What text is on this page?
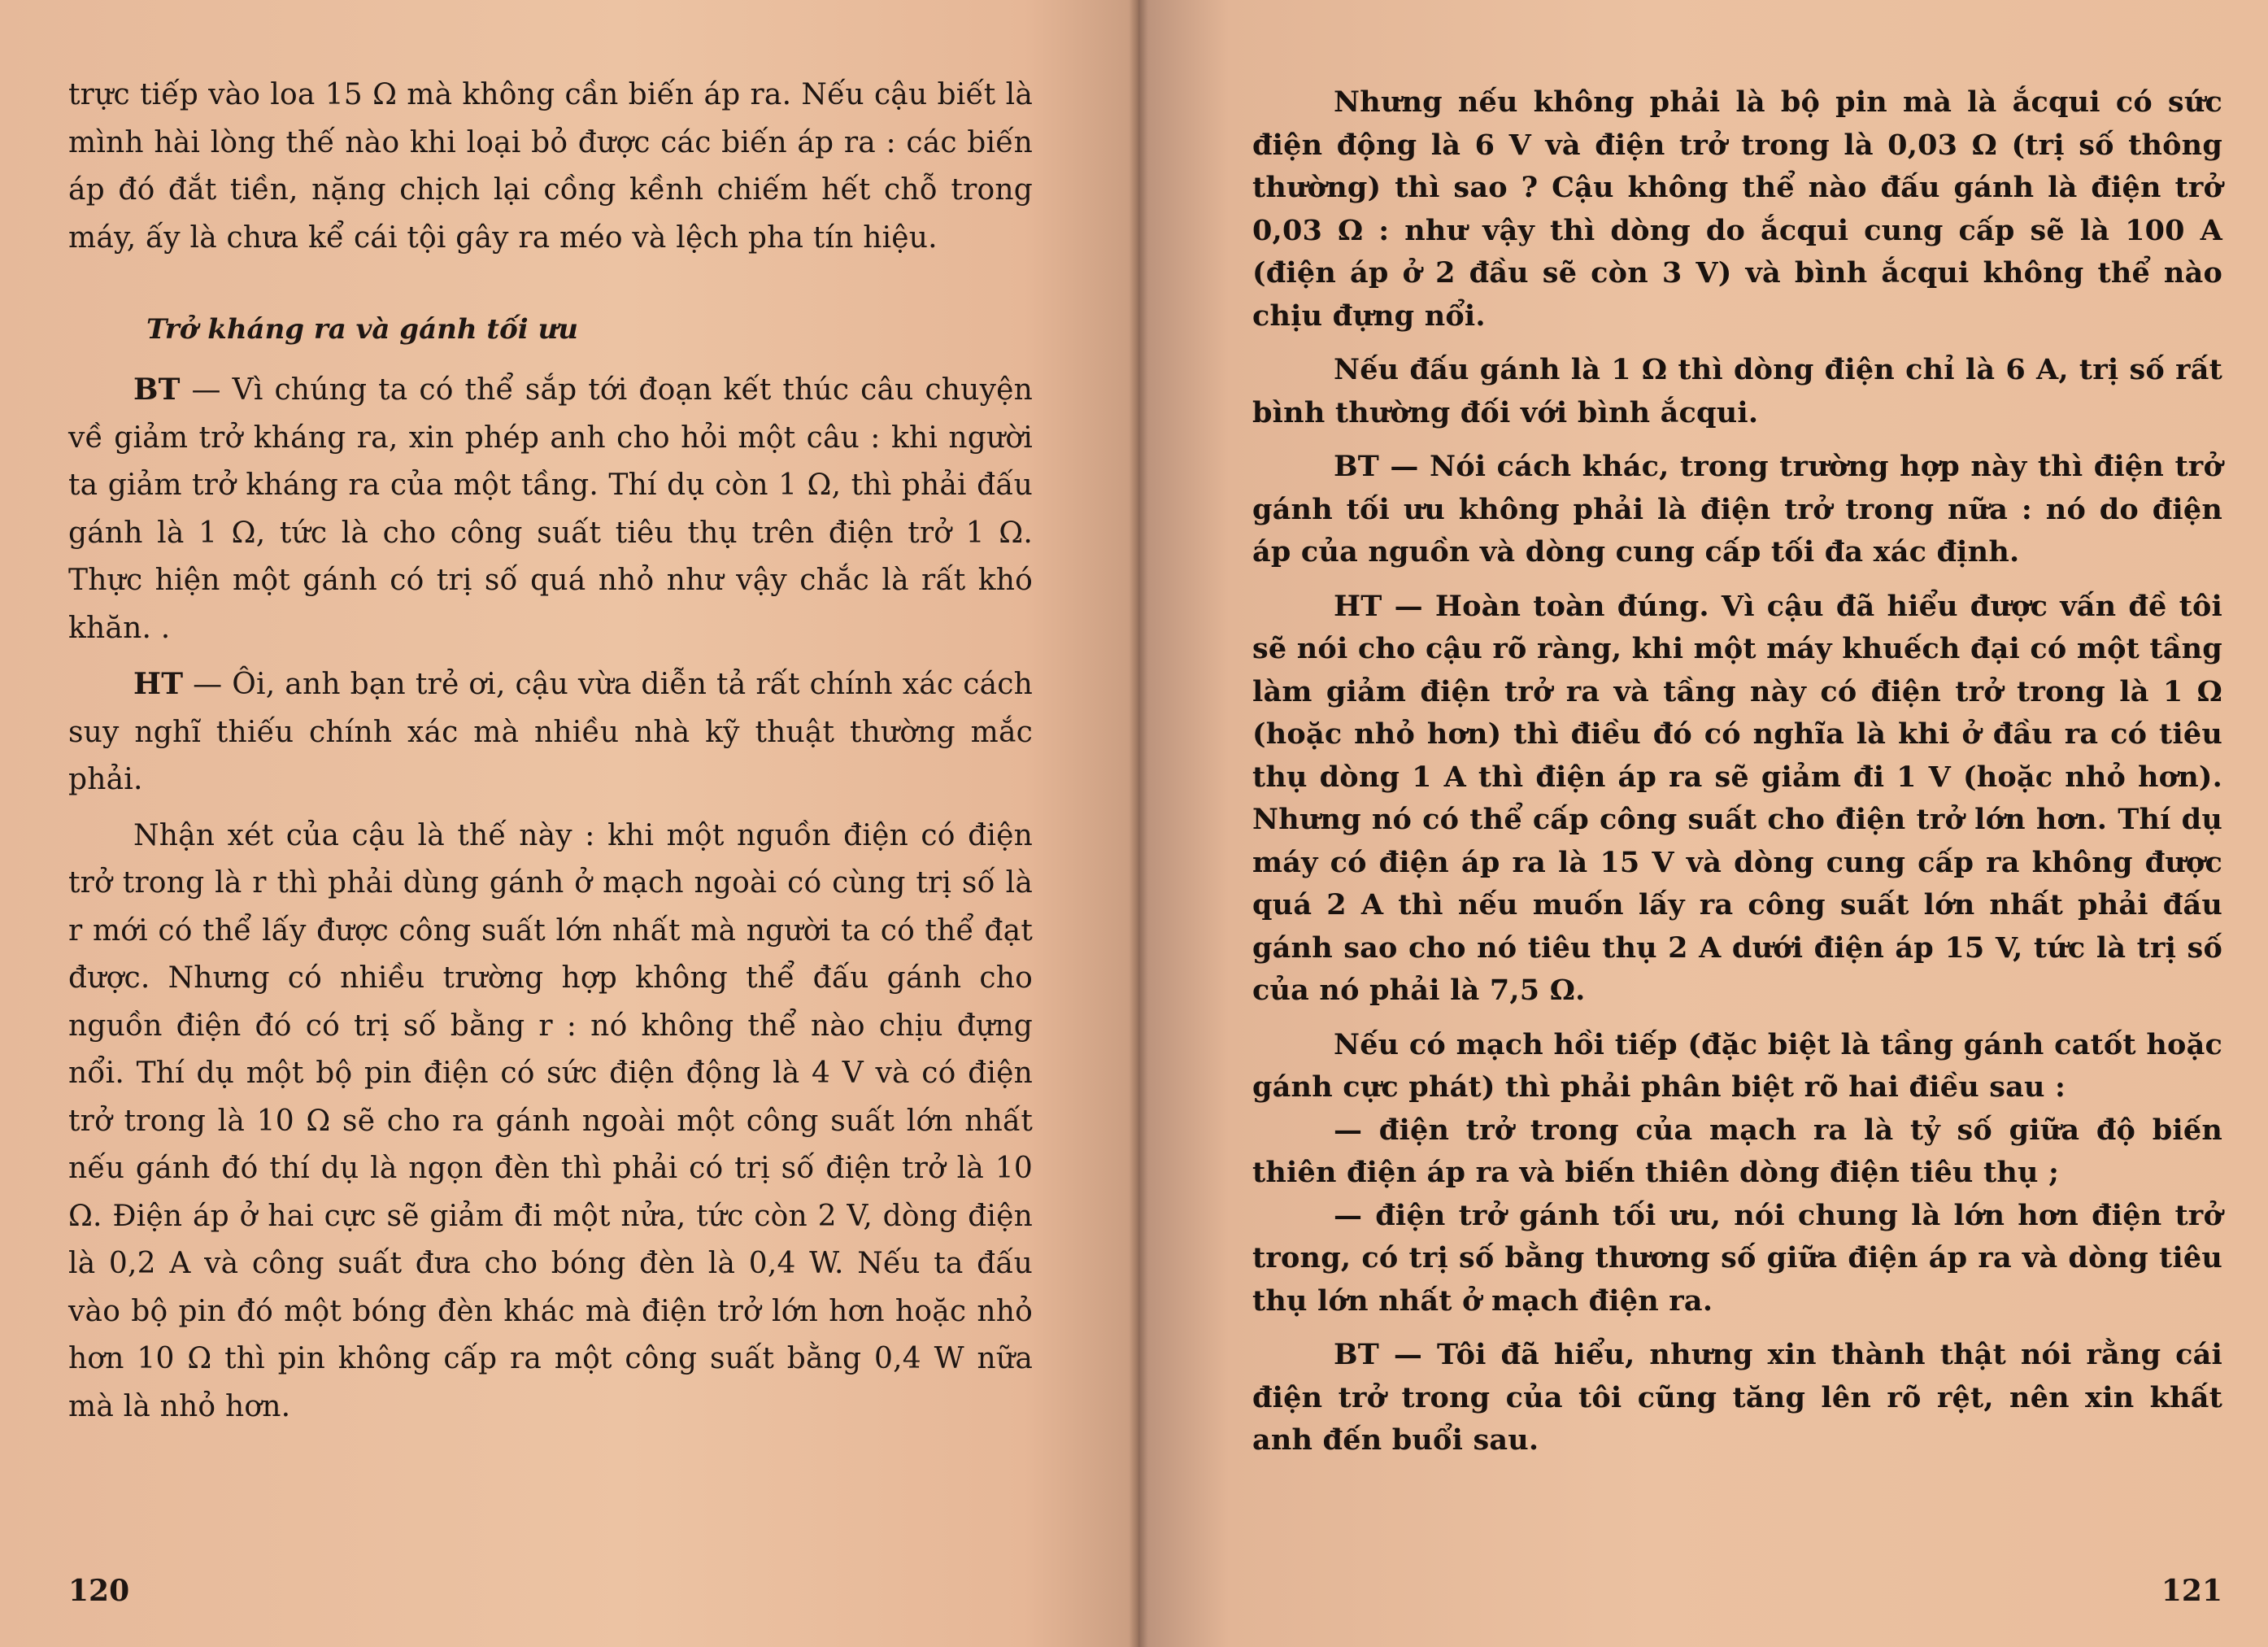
trực tiếp vào loa 15 Ω mà không cần biến áp ra. Nếu cậu biết là mình hài lòng thế nào khi loại bỏ được các biến áp ra : các biến áp đó đắt tiền, nặng chịch lại cồng kềnh chiếm hết chỗ trong máy, ấy là chưa kể cái tội gây ra méo và lệch pha tín hiệu.

Trở kháng ra và gánh tối ưu

BT — Vì chúng ta có thể sắp tới đoạn kết thúc câu chuyện về giảm trở kháng ra, xin phép anh cho hỏi một câu : khi người ta giảm trở kháng ra của một tầng. Thí dụ còn 1 Ω, thì phải đấu gánh là 1 Ω, tức là cho công suất tiêu thụ trên điện trở 1 Ω. Thực hiện một gánh có trị số quá nhỏ như vậy chắc là rất khó khăn. .

HT — Ôi, anh bạn trẻ ơi, cậu vừa diễn tả rất chính xác cách suy nghĩ thiếu chính xác mà nhiều nhà kỹ thuật thường mắc phải.

Nhận xét của cậu là thế này : khi một nguồn điện có điện trở trong là r thì phải dùng gánh ở mạch ngoài có cùng trị số là r mới có thể lấy được công suất lớn nhất mà người ta có thể đạt được. Nhưng có nhiều trường hợp không thể đấu gánh cho nguồn điện đó có trị số bằng r : nó không thể nào chịu đựng nổi. Thí dụ một bộ pin điện có sức điện động là 4 V và có điện trở trong là 10 Ω sẽ cho ra gánh ngoài một công suất lớn nhất nếu gánh đó thí dụ là ngọn đèn thì phải có trị số điện trở là 10 Ω. Điện áp ở hai cực sẽ giảm đi một nửa, tức còn 2 V, dòng điện là 0,2 A và công suất đưa cho bóng đèn là 0,4 W. Nếu ta đấu vào bộ pin đó một bóng đèn khác mà điện trở lớn hơn hoặc nhỏ hơn 10 Ω thì pin không cấp ra một công suất bằng 0,4 W nữa mà là nhỏ hơn.

120

Nhưng nếu không phải là bộ pin mà là ắcqui có sức điện động là 6 V và điện trở trong là 0,03 Ω (trị số thông thường) thì sao ? Cậu không thể nào đấu gánh là điện trở 0,03 Ω : như vậy thì dòng do ắcqui cung cấp sẽ là 100 A (điện áp ở 2 đầu sẽ còn 3 V) và bình ắcqui không thể nào chịu đựng nổi.

Nếu đấu gánh là 1 Ω thì dòng điện chỉ là 6 A, trị số rất bình thường đối với bình ắcqui.

BT — Nói cách khác, trong trường hợp này thì điện trở gánh tối ưu không phải là điện trở trong nữa : nó do điện áp của nguồn và dòng cung cấp tối đa xác định.

HT — Hoàn toàn đúng. Vì cậu đã hiểu được vấn đề tôi sẽ nói cho cậu rõ ràng, khi một máy khuếch đại có một tầng làm giảm điện trở ra và tầng này có điện trở trong là 1 Ω (hoặc nhỏ hơn) thì điều đó có nghĩa là khi ở đầu ra có tiêu thụ dòng 1 A thì điện áp ra sẽ giảm đi 1 V (hoặc nhỏ hơn). Nhưng nó có thể cấp công suất cho điện trở lớn hơn. Thí dụ máy có điện áp ra là 15 V và dòng cung cấp ra không được quá 2 A thì nếu muốn lấy ra công suất lớn nhất phải đấu gánh sao cho nó tiêu thụ 2 A dưới điện áp 15 V, tức là trị số của nó phải là 7,5 Ω.

Nếu có mạch hồi tiếp (đặc biệt là tầng gánh catốt hoặc gánh cực phát) thì phải phân biệt rõ hai điều sau :

— điện trở trong của mạch ra là tỷ số giữa độ biến thiên điện áp ra và biến thiên dòng điện tiêu thụ ;

— điện trở gánh tối ưu, nói chung là lớn hơn điện trở trong, có trị số bằng thương số giữa điện áp ra và dòng tiêu thụ lớn nhất ở mạch điện ra.

BT — Tôi đã hiểu, nhưng xin thành thật nói rằng cái điện trở trong của tôi cũng tăng lên rõ rệt, nên xin khất anh đến buổi sau.

121
